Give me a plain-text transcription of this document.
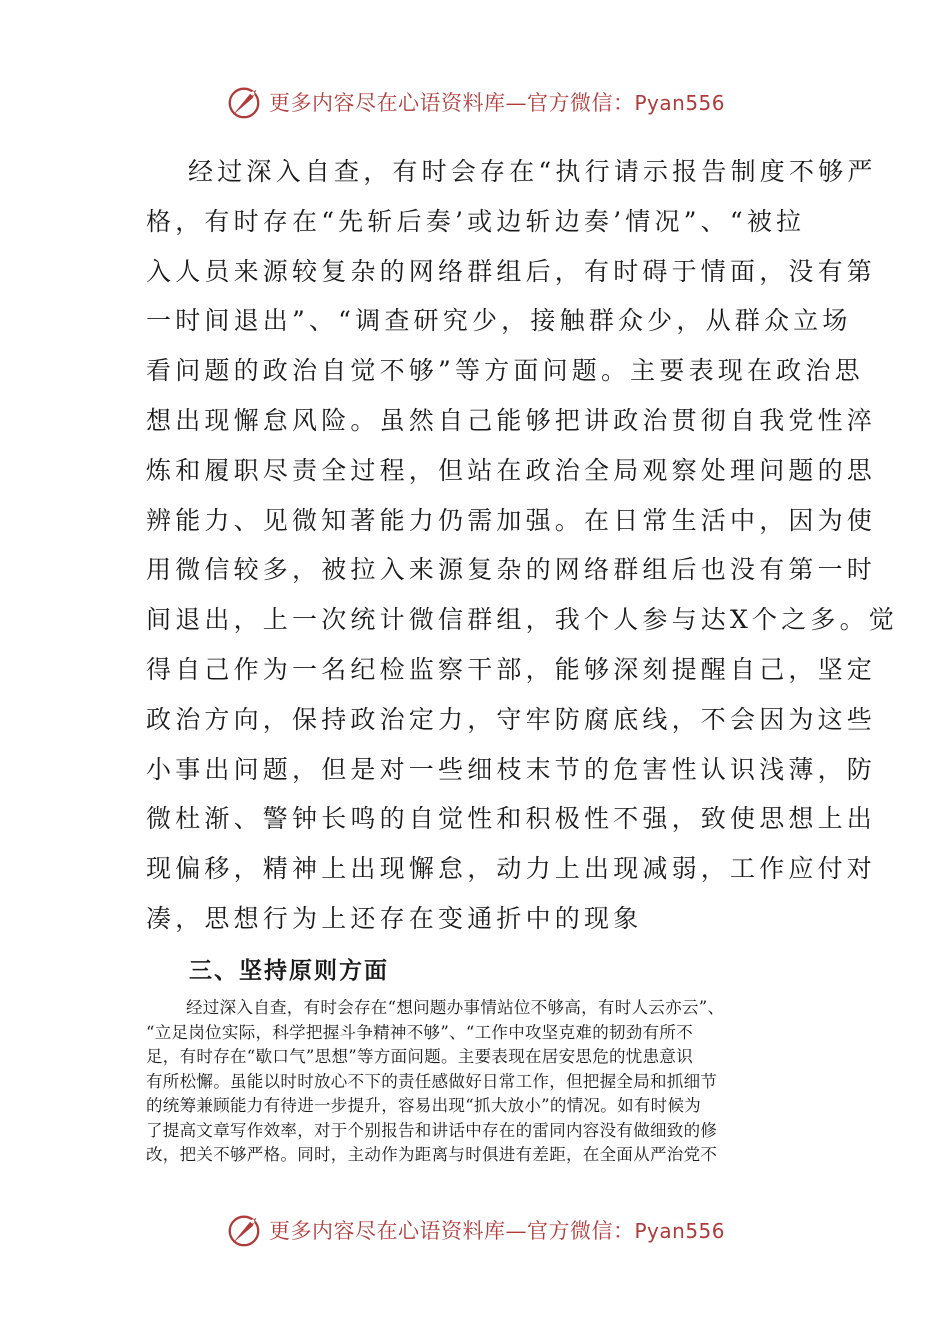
更多内容尽在心语资料库—官方微信：Pyan556
经过深入自查，有时会存在“执行请示报告制度不够严
格，有时存在“先斩后奏’或边斩边奏’情况”、“被拉
入人员来源较复杂的网络群组后，有时碍于情面，没有第
一时间退出”、“调查研究少，接触群众少，从群众立场
看问题的政治自觉不够”等方面问题。主要表现在政治思
想出现懈怠风险。虽然自己能够把讲政治贯彻自我党性淬
炼和履职尽责全过程，但站在政治全局观察处理问题的思
辨能力、见微知著能力仍需加强。在日常生活中，因为使
用微信较多，被拉入来源复杂的网络群组后也没有第一时
间退出，上一次统计微信群组，我个人参与达X个之多。觉
得自己作为一名纪检监察干部，能够深刻提醒自己，坚定
政治方向，保持政治定力，守牢防腐底线，不会因为这些
小事出问题，但是对一些细枝末节的危害性认识浅薄，防
微杜渐、警钟长鸣的自觉性和积极性不强，致使思想上出
现偏移，精神上出现懈怠，动力上出现减弱，工作应付对
凑，思想行为上还存在变通折中的现象
三、坚持原则方面
经过深入自查，有时会存在“想问题办事情站位不够高，有时人云亦云”、
“立足岗位实际，科学把握斗争精神不够”、“工作中攻坚克难的韧劲有所不
足，有时存在“歇口气”思想”等方面问题。主要表现在居安思危的忧患意识
有所松懈。虽能以时时放心不下的责任感做好日常工作，但把握全局和抓细节
的统筹兼顾能力有待进一步提升，容易出现“抓大放小”的情况。如有时候为
了提高文章写作效率，对于个别报告和讲话中存在的雷同内容没有做细致的修
改，把关不够严格。同时，主动作为距离与时俱进有差距，在全面从严治党不
更多内容尽在心语资料库—官方微信：Pyan556
